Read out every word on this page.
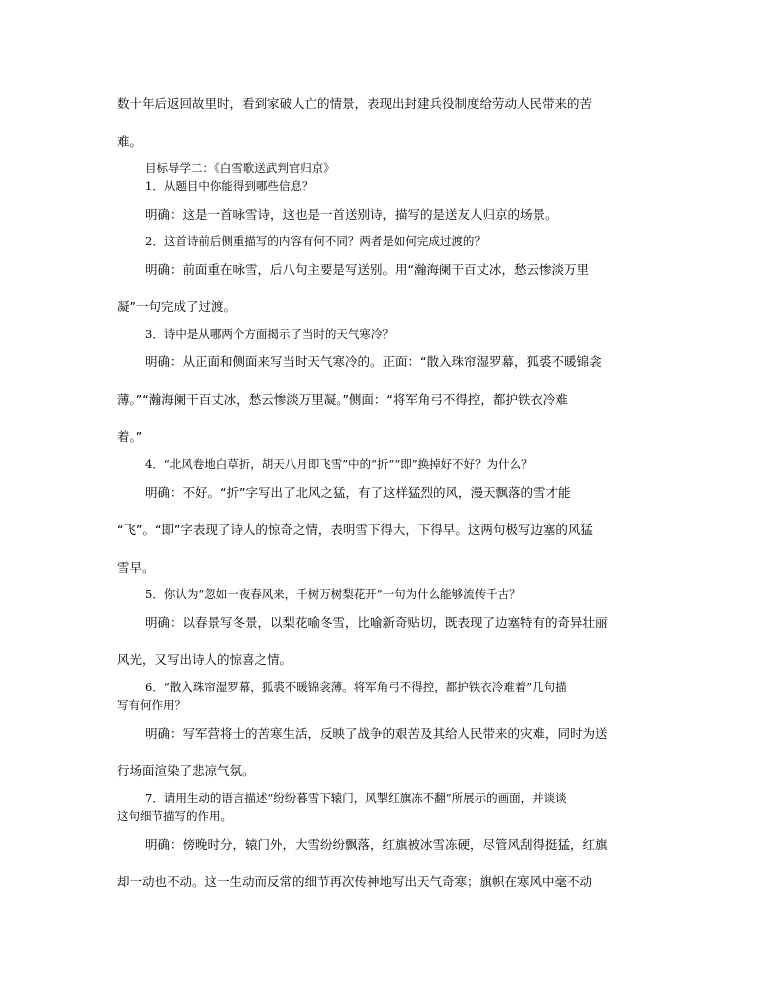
数十年后返回故里时，看到家破人亡的情景，表现出封建兵役制度给劳动人民带来的苦
难。
目标导学二：《白雪歌送武判官归京》
1．从题目中你能得到哪些信息？
明确：这是一首咏雪诗，这也是一首送别诗，描写的是送友人归京的场景。
2．这首诗前后侧重描写的内容有何不同？两者是如何完成过渡的？
明确：前面重在咏雪，后八句主要是写送别。用“瀚海阑干百丈冰，愁云惨淡万里
凝”一句完成了过渡。
3．诗中是从哪两个方面揭示了当时的天气寒冷？
明确：从正面和侧面来写当时天气寒冷的。正面：“散入珠帘湿罗幕，狐裘不暖锦衾
薄。”“瀚海阑干百丈冰，愁云惨淡万里凝。”侧面：“将军角弓不得控，都护铁衣冷难
着。”
4．“北风卷地白草折，胡天八月即飞雪”中的“折”“即”换掉好不好？为什么？
明确：不好。“折”字写出了北风之猛，有了这样猛烈的风，漫天飘落的雪才能
“飞”。“即”字表现了诗人的惊奇之情，表明雪下得大，下得早。这两句极写边塞的风猛
雪早。
5．你认为“忽如一夜春风来，千树万树梨花开”一句为什么能够流传千古？
明确：以春景写冬景，以梨花喻冬雪，比喻新奇贴切，既表现了边塞特有的奇异壮丽
风光，又写出诗人的惊喜之情。
6．“散入珠帘湿罗幕，狐裘不暖锦衾薄。将军角弓不得控，都护铁衣冷难着”几句描
写有何作用？
明确：写军营将士的苦寒生活，反映了战争的艰苦及其给人民带来的灾难，同时为送
行场面渲染了悲凉气氛。
7．请用生动的语言描述“纷纷暮雪下辕门，风掣红旗冻不翻”所展示的画面，并谈谈
这句细节描写的作用。
明确：傍晚时分，辕门外，大雪纷纷飘落，红旗被冰雪冻硬，尽管风刮得挺猛，红旗
却一动也不动。这一生动而反常的细节再次传神地写出天气奇寒；旗帜在寒风中毫不动
